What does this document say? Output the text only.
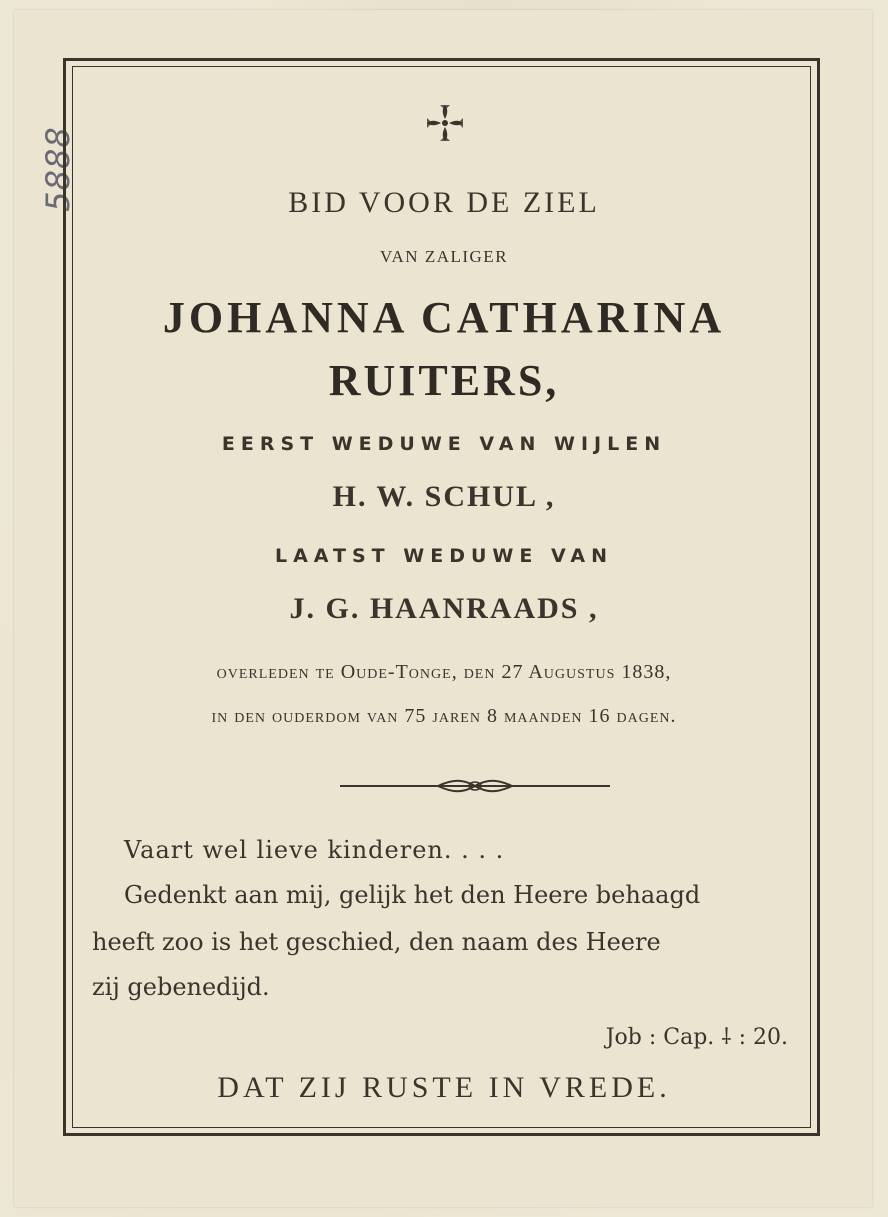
5888	BID VOOR DE ZIEL
VAN ZALIGER
JOHANNA CATHARINA
RUITERS,
EERST WEDUWE VAN WIJLEN
H. W. SCHUL ,
LAATST WEDUWE VAN
J. G. HAANRAADS ,
overleden te Oude-Tonge, den 27 Augustus 1838,
in den ouderdom van 75 jaren 8 maanden 16 dagen.
Vaart wel lieve kinderen. . . .
Gedenkt aan mij, gelijk het den Heere behaagd
heeft zoo is het geschied, den naam des Heere
zij gebenedijd.
Job : Cap. ⸸ : 20.
DAT ZIJ RUSTE IN VREDE.
